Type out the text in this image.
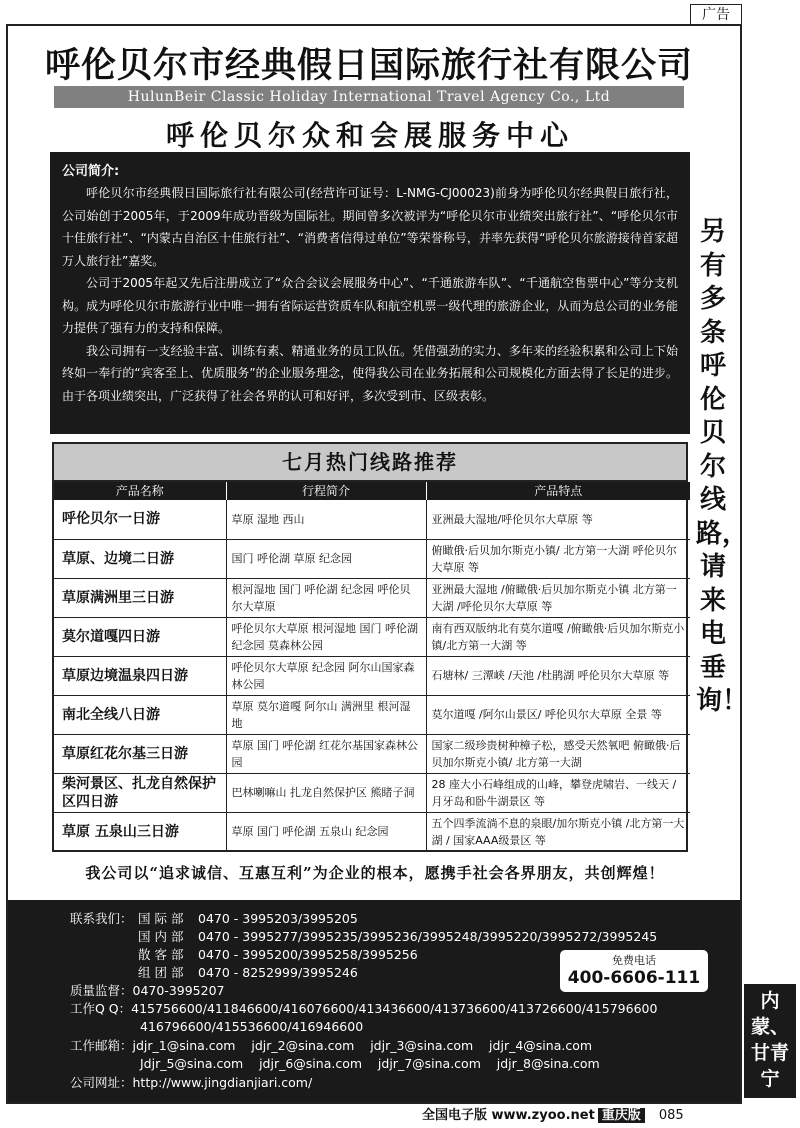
广告
呼伦贝尔市经典假日国际旅行社有限公司
HulunBeir Classic Holiday International Travel Agency Co., Ltd
呼伦贝尔众和会展服务中心
公司简介:

呼伦贝尔市经典假日国际旅行社有限公司(经营许可证号：L-NMG-CJ00023)前身为呼伦贝尔经典假日旅行社，公司始创于2005年，于2009年成功晋级为国际社。期间曾多次被评为“呼伦贝尔市业绩突出旅行社”、“呼伦贝尔市十佳旅行社”、“内蒙古自治区十佳旅行社”、“消费者信得过单位”等荣誉称号，并率先获得“呼伦贝尔旅游接待首家超万人旅行社”嘉奖。

公司于2005年起又先后注册成立了“众合会议会展服务中心”、“千通旅游车队”、“千通航空售票中心”等分支机构。成为呼伦贝尔市旅游行业中唯一拥有省际运营资质车队和航空机票一级代理的旅游企业，从而为总公司的业务能力提供了强有力的支持和保障。

我公司拥有一支经验丰富、训练有素、精通业务的员工队伍。凭借强劲的实力、多年来的经验积累和公司上下始终如一奉行的“宾客至上、优质服务”的企业服务理念，使得我公司在业务拓展和公司规模化方面去得了长足的进步。由于各项业绩突出，广泛获得了社会各界的认可和好评，多次受到市、区级表彰。

另有多条呼伦贝尔线路，请来电垂询！
七月热门线路推荐
产品名称	行程简介	产品特点
呼伦贝尔一日游	草原 湿地 西山	亚洲最大湿地/呼伦贝尔大草原 等
草原、边境二日游	国门 呼伦湖 草原 纪念园	俯瞰俄·后贝加尔斯克小镇/ 北方第一大湖 呼伦贝尔大草原 等
草原满洲里三日游	根河湿地 国门 呼伦湖 纪念园 呼伦贝尔大草原	亚洲最大湿地 /俯瞰俄·后贝加尔斯克小镇 北方第一大湖 /呼伦贝尔大草原 等
莫尔道嘎四日游	呼伦贝尔大草原 根河湿地 国门 呼伦湖 纪念园 莫森林公园	南有西双版纳北有莫尔道嘎 /俯瞰俄·后贝加尔斯克小镇/北方第一大湖 等
草原边境温泉四日游	呼伦贝尔大草原 纪念园 阿尔山国家森林公园	石塘林/ 三潭峡 /天池 /杜鹃湖 呼伦贝尔大草原 等
南北全线八日游	草原 莫尔道嘎 阿尔山 满洲里 根河湿地	莫尔道嘎 /阿尔山景区/ 呼伦贝尔大草原 全景 等
草原红花尔基三日游	草原 国门 呼伦湖 红花尔基国家森林公园	国家二级珍贵树种樟子松，感受天然氧吧 俯瞰俄·后贝加尔斯克小镇/ 北方第一大湖
柴河景区、扎龙自然保护区四日游	巴林喇嘛山 扎龙自然保护区 熊睹子洞	28 座大小石峰组成的山峰，攀登虎啸岩、一线天 /月牙岛和卧牛湖景区 等
草原 五泉山三日游	草原 国门 呼伦湖 五泉山 纪念园	五个四季流淌不息的泉眼/加尔斯克小镇 /北方第一大湖 / 国家AAA级景区 等
我公司以“追求诚信、互惠互利”为企业的根本，愿携手社会各界朋友，共创辉煌！
联系我们： 国 际 部 0470 - 3995203/3995205
国 内 部 0470 - 3995277/3995235/3995236/3995248/3995220/3995272/3995245
散 客 部 0470 - 3995200/3995258/3995256
组 团 部 0470 - 8252999/3995246
质量监督：0470-3995207
工作Q Q：415756600/411846600/416076600/413436600/413736600/413726600/415796600
416796600/415536600/416946600
工作邮箱：jdjr_1@sina.com    jdjr_2@sina.com    jdjr_3@sina.com    jdjr_4@sina.com
Jdjr_5@sina.com    jdjr_6@sina.com    jdjr_7@sina.com    jdjr_8@sina.com
公司网址：http://www.jingdianjiari.com/
免费电话
400-6606-111
内蒙、
甘青宁
全国电子版 www.zyoo.net 重庆版 085
